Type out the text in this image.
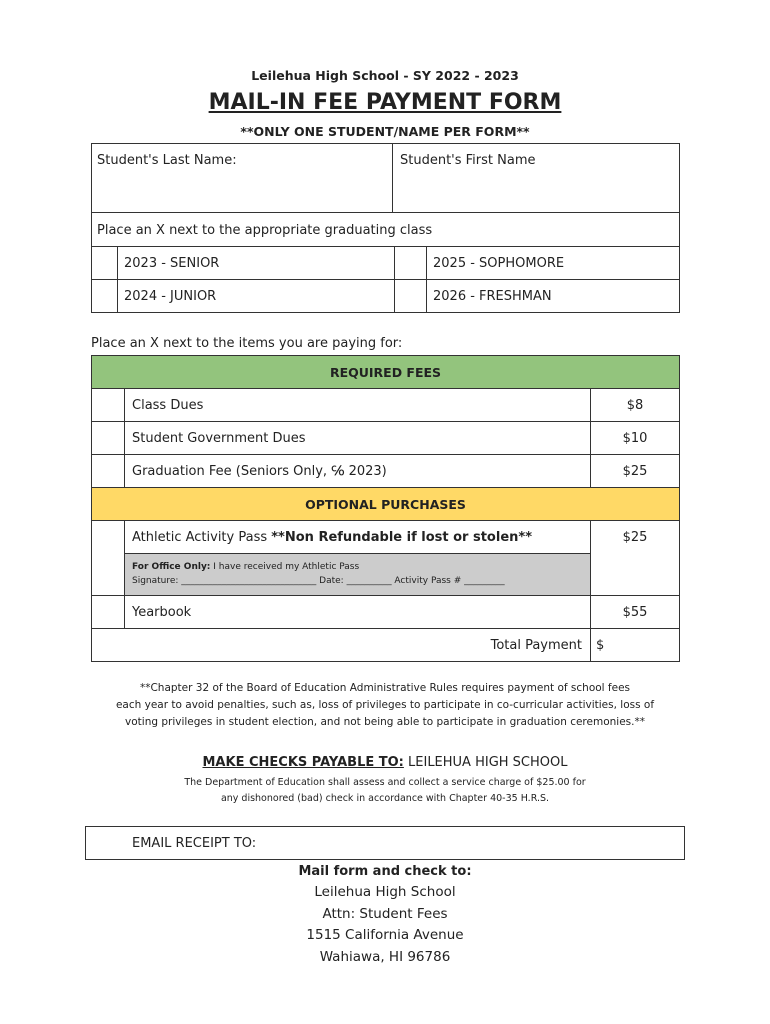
Leilehua High School - SY 2022 - 2023
MAIL-IN FEE PAYMENT FORM
**ONLY ONE STUDENT/NAME PER FORM**
Student's Last Name:	Student's First Name
Place an X next to the appropriate graduating class
2023 - SENIOR	2025 - SOPHOMORE
2024 - JUNIOR	2026 - FRESHMAN
Place an X next to the items you are paying for:
REQUIRED FEES
Class Dues	$8
Student Government Dues	$10
Graduation Fee (Seniors Only, ℅ 2023)	$25
OPTIONAL PURCHASES
Athletic Activity Pass **Non Refundable if lost or stolen**	$25
For Office Only: I have received my Athletic Pass
Signature: ______________________________ Date: __________ Activity Pass # _________
Yearbook	$55
Total Payment $
**Chapter 32 of the Board of Education Administrative Rules requires payment of school fees
each year to avoid penalties, such as, loss of privileges to participate in co-curricular activities, loss of
voting privileges in student election, and not being able to participate in graduation ceremonies.**
MAKE CHECKS PAYABLE TO: LEILEHUA HIGH SCHOOL
The Department of Education shall assess and collect a service charge of $25.00 for
any dishonored (bad) check in accordance with Chapter 40-35 H.R.S.
EMAIL RECEIPT TO:
Mail form and check to:
Leilehua High School
Attn: Student Fees
1515 California Avenue
Wahiawa, HI 96786
